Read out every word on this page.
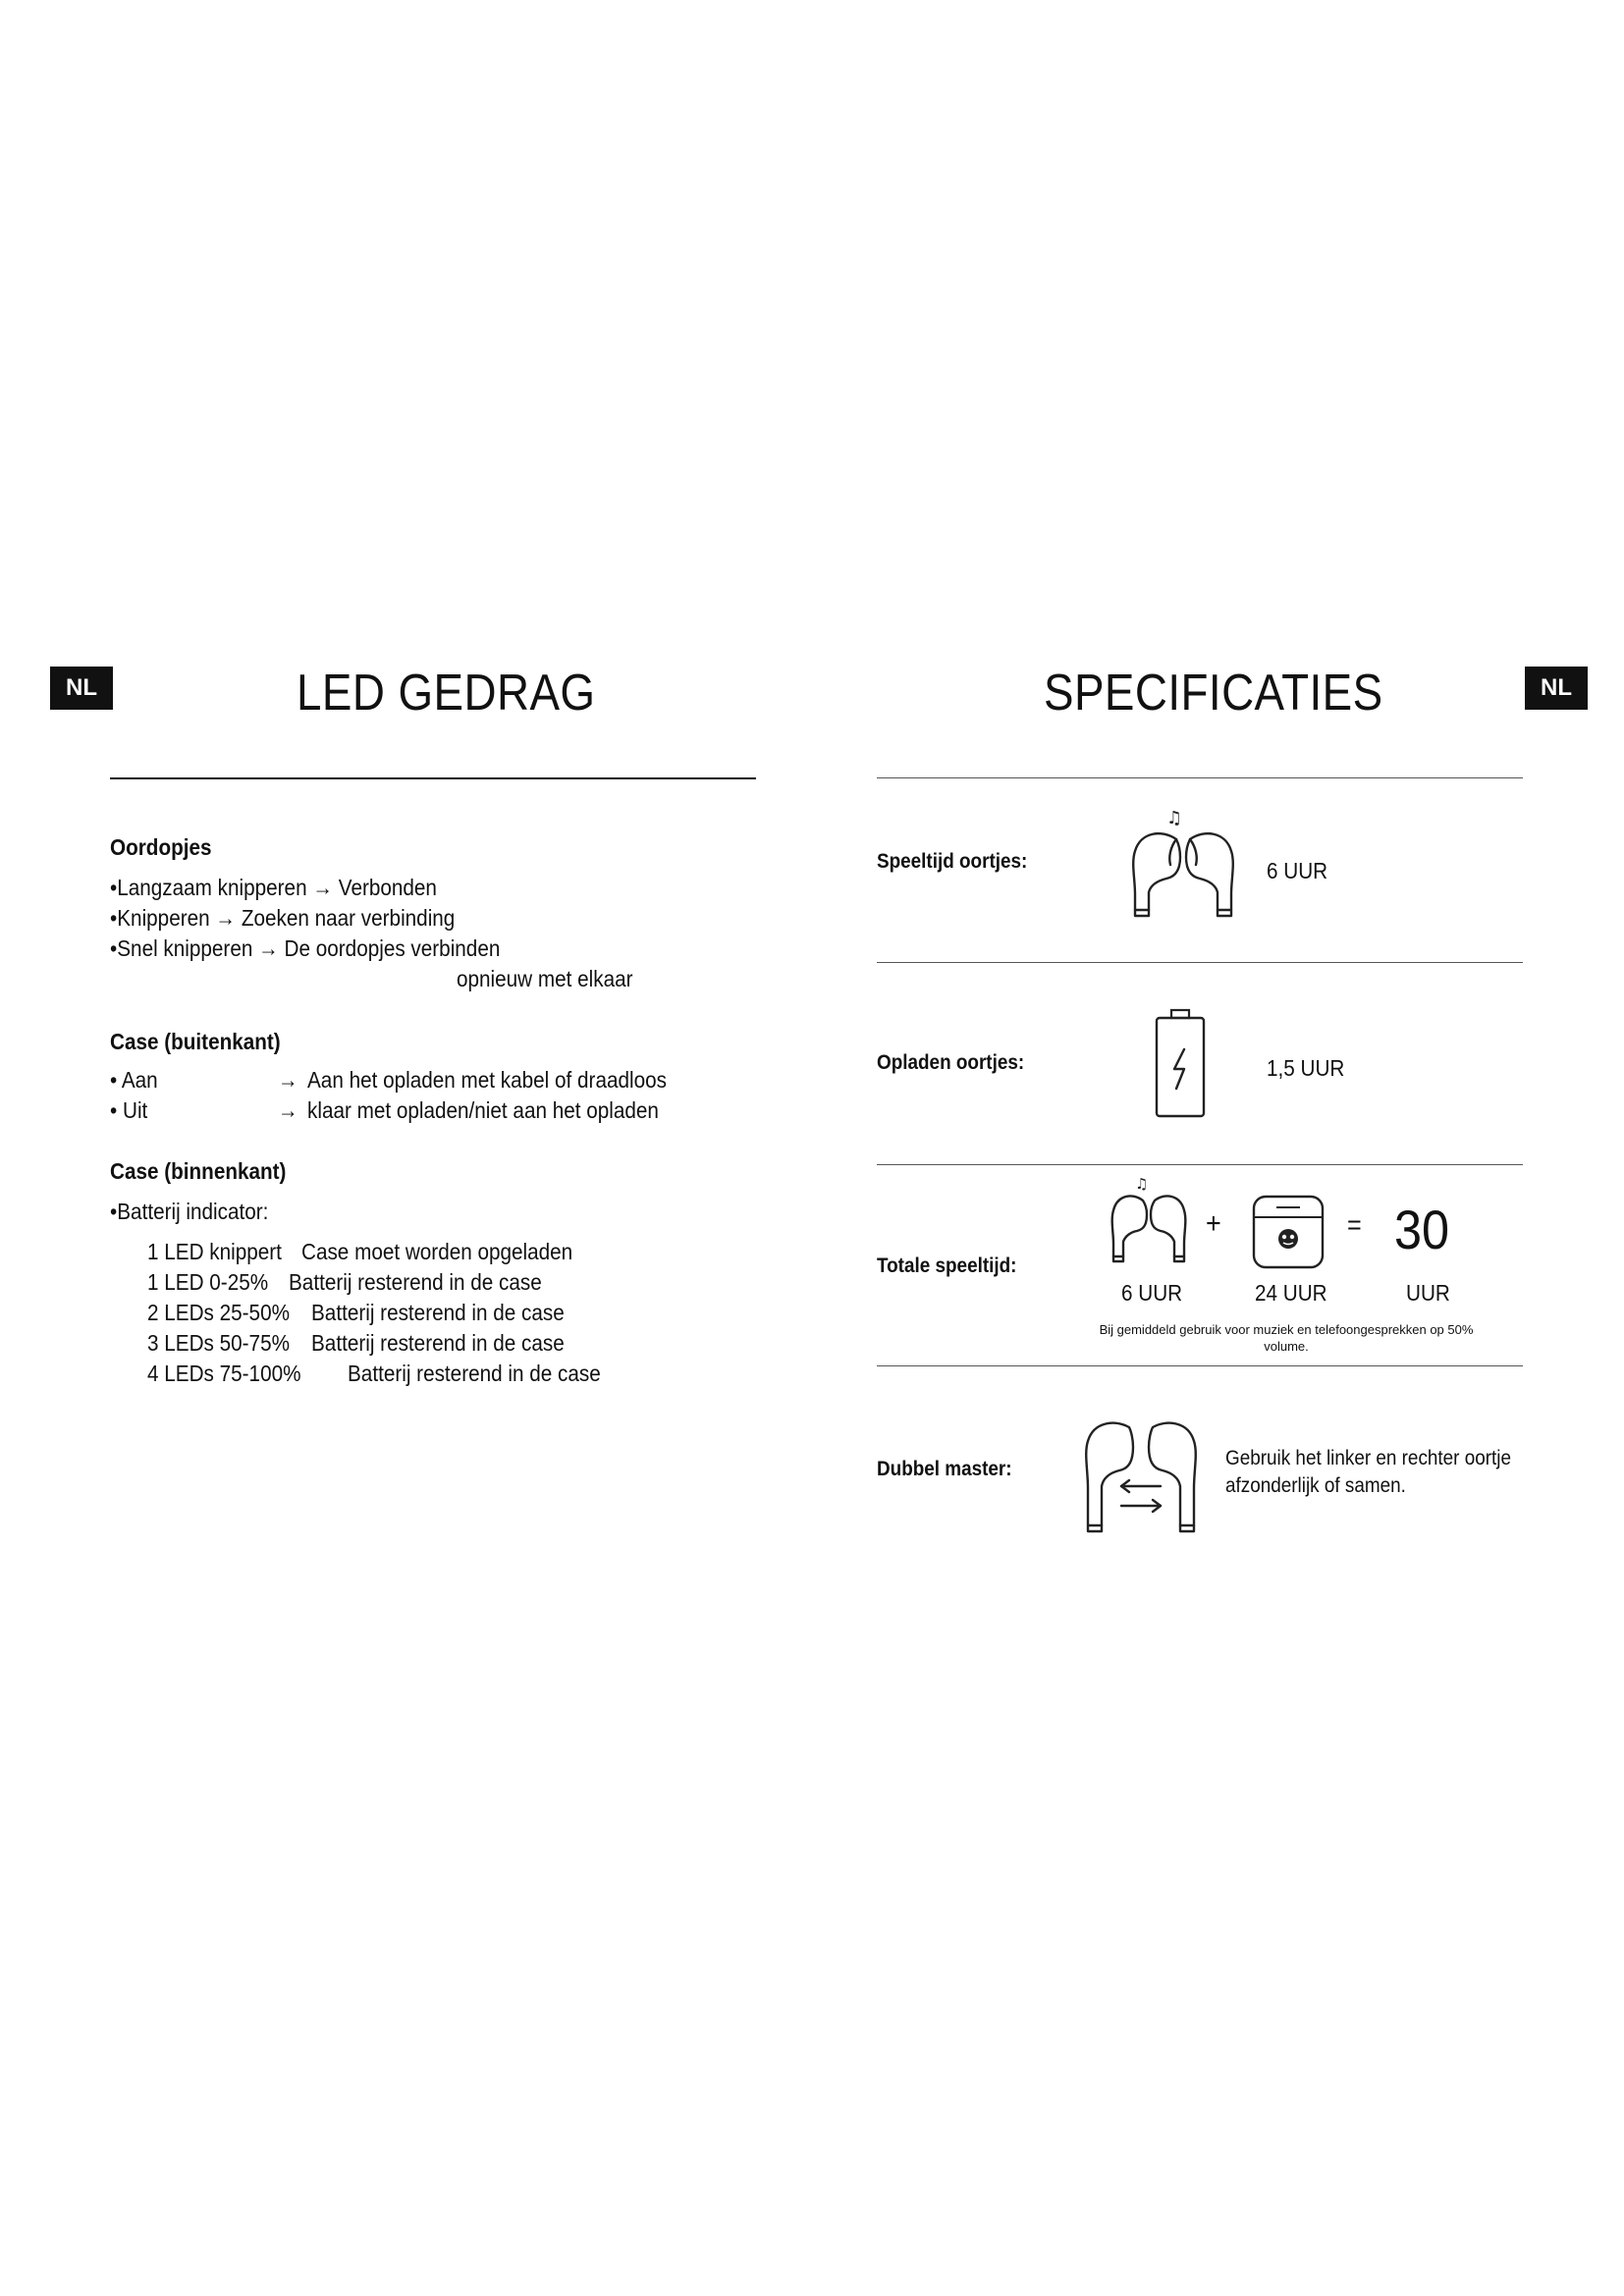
NL	LED GEDRAG
Oordopjes
•Langzaam knipperen → Verbonden
•Knipperen → Zoeken naar verbinding
•Snel knipperen → De oordopjes verbinden
opnieuw met elkaar
Case (buitenkant)
• Aan	→ Aan het opladen met kabel of draadloos
• Uit	→ klaar met opladen/niet aan het opladen
Case (binnenkant)
•Batterij indicator:
1 LED knippert Case moet worden opgeladen
1 LED 0-25% Batterij resterend in de case
2 LEDs 25-50% Batterij resterend in de case
3 LEDs 50-75% Batterij resterend in de case
4 LEDs 75-100% Batterij resterend in de case
SPECIFICATIES	NL
Speeltijd oortjes:
♫
6 UUR
Opladen oortjes:	1,5 UUR
Totale speeltijd:
♫
+	= 30
6 UUR	24 UUR	UUR
Bij gemiddeld gebruik voor muziek en telefoongesprekken op 50%
volume.
Dubbel master:	Gebruik het linker en rechter oortje
afzonderlijk of samen.
